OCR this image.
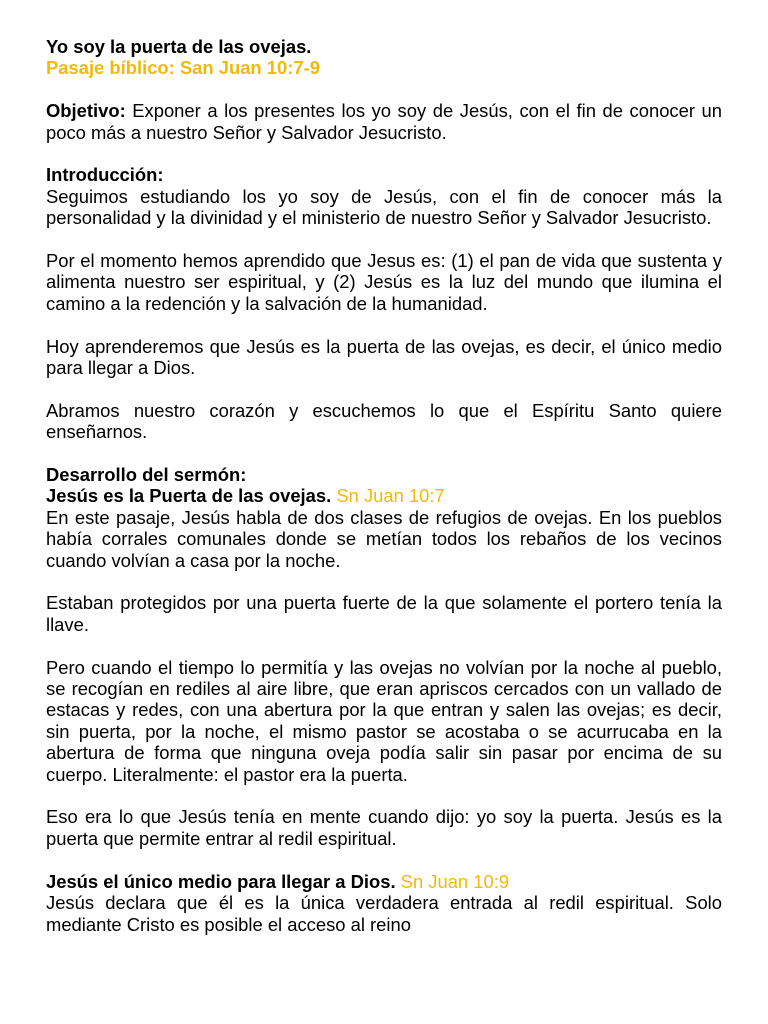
Yo soy la puerta de las ovejas.
Pasaje bíblico: San Juan 10:7-9
Objetivo: Exponer a los presentes los yo soy de Jesús, con el fin de conocer un poco más a nuestro Señor y Salvador Jesucristo.
Introducción:
Seguimos estudiando los yo soy de Jesús, con el fin de conocer más la personalidad y la divinidad y el ministerio de nuestro Señor y Salvador Jesucristo.
Por el momento hemos aprendido que Jesus es: (1) el pan de vida que sustenta y alimenta nuestro ser espiritual, y (2) Jesús es la luz del mundo que ilumina el camino a la redención y la salvación de la humanidad.
Hoy aprenderemos que Jesús es la puerta de las ovejas, es decir, el único medio para llegar a Dios.
Abramos nuestro corazón y escuchemos lo que el Espíritu Santo quiere enseñarnos.
Desarrollo del sermón:
Jesús es la Puerta de las ovejas. Sn Juan 10:7
En este pasaje, Jesús habla de dos clases de refugios de ovejas. En los pueblos había corrales comunales donde se metían todos los rebaños de los vecinos cuando volvían a casa por la noche.
Estaban protegidos por una puerta fuerte de la que solamente el portero tenía la llave.
Pero cuando el tiempo lo permitía y las ovejas no volvían por la noche al pueblo, se recogían en rediles al aire libre, que eran apriscos cercados con un vallado de estacas y redes, con una abertura por la que entran y salen las ovejas; es decir, sin puerta, por la noche, el mismo pastor se acostaba o se acurrucaba en la abertura de forma que ninguna oveja podía salir sin pasar por encima de su cuerpo. Literalmente: el pastor era la puerta.
Eso era lo que Jesús tenía en mente cuando dijo: yo soy la puerta. Jesús es la puerta que permite entrar al redil espiritual.
Jesús el único medio para llegar a Dios. Sn Juan 10:9
Jesús declara que él es la única verdadera entrada al redil espiritual. Solo mediante Cristo es posible el acceso al reino
